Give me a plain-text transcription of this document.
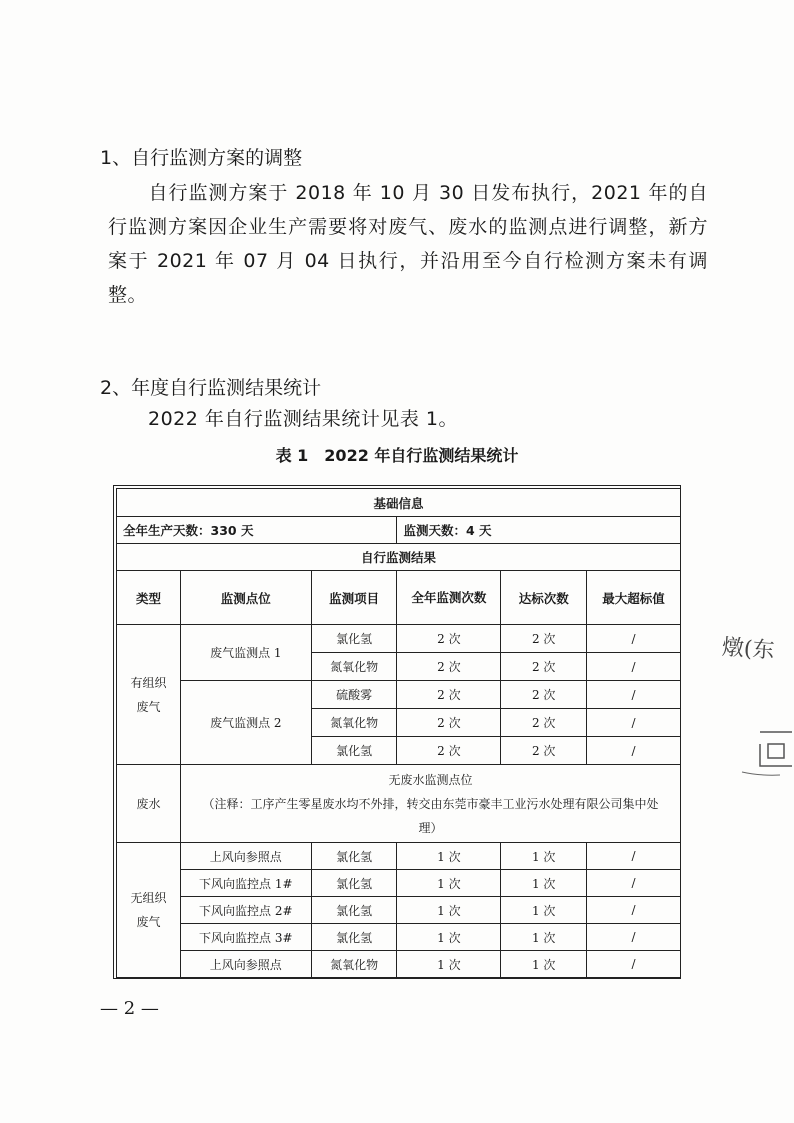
1、自行监测方案的调整
自行监测方案于 2018 年 10 月 30 日发布执行，2021 年的自行监测方案因企业生产需要将对废气、废水的监测点进行调整，新方案于 2021 年 07 月 04 日执行，并沿用至今自行检测方案未有调整。
2、年度自行监测结果统计
2022 年自行监测结果统计见表 1。
表 1　2022 年自行监测结果统计
基础信息					
全年生产天数：330 天			监测天数：4 天		
自行监测结果					
类型	监测点位	监测项目	全年监测次数	达标次数	最大超标值
有组织废气	废气监测点 1	氯化氢	2 次	2 次	/
		氮氧化物	2 次	2 次	/
	废气监测点 2	硫酸雾	2 次	2 次	/
		氮氧化物	2 次	2 次	/
		氯化氢	2 次	2 次	/
废水	无废水监测点位
（注释：工序产生零星废水均不外排，转交由东莞市豪丰工业污水处理有限公司集中处理）				

无组织废气	上风向参照点	氯化氢	1 次	1 次	/
	下风向监控点 1#	氯化氢	1 次	1 次	/
	下风向监控点 2#	氯化氢	1 次	1 次	/
	下风向监控点 3#	氯化氢	1 次	1 次	/
	上风向参照点	氮氧化物	1 次	1 次	/
— 2 —
燉(东
